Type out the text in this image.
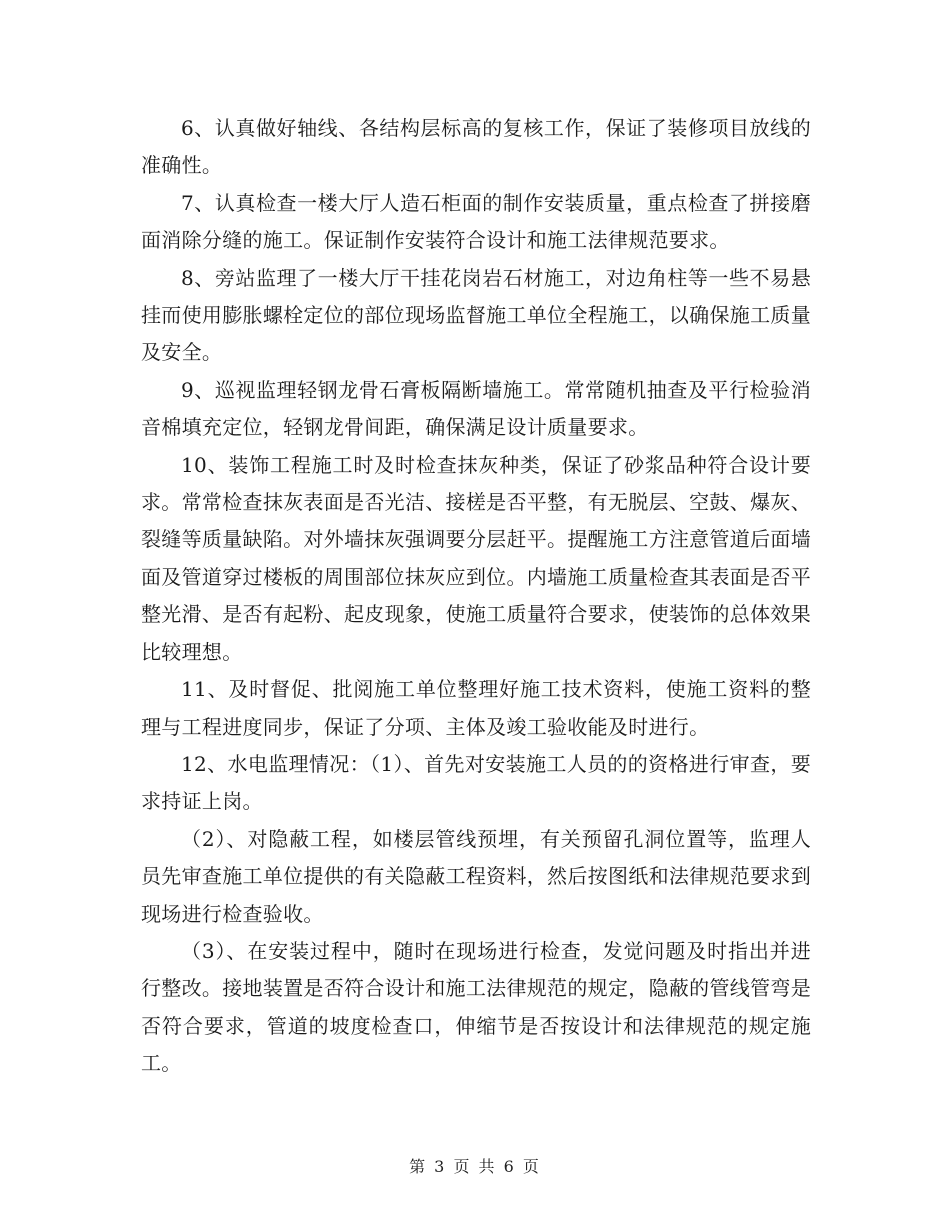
6、认真做好轴线、各结构层标高的复核工作，保证了装修项目放线的准确性。

7、认真检查一楼大厅人造石柜面的制作安装质量，重点检查了拼接磨面消除分缝的施工。保证制作安装符合设计和施工法律规范要求。

8、旁站监理了一楼大厅干挂花岗岩石材施工，对边角柱等一些不易悬挂而使用膨胀螺栓定位的部位现场监督施工单位全程施工，以确保施工质量及安全。

9、巡视监理轻钢龙骨石膏板隔断墙施工。常常随机抽查及平行检验消音棉填充定位，轻钢龙骨间距，确保满足设计质量要求。

10、装饰工程施工时及时检查抹灰种类，保证了砂浆品种符合设计要求。常常检查抹灰表面是否光洁、接槎是否平整，有无脱层、空鼓、爆灰、裂缝等质量缺陷。对外墙抹灰强调要分层赶平。提醒施工方注意管道后面墙面及管道穿过楼板的周围部位抹灰应到位。内墙施工质量检查其表面是否平整光滑、是否有起粉、起皮现象，使施工质量符合要求，使装饰的总体效果比较理想。

11、及时督促、批阅施工单位整理好施工技术资料，使施工资料的整理与工程进度同步，保证了分项、主体及竣工验收能及时进行。

12、水电监理情况：（1）、首先对安装施工人员的的资格进行审查，要求持证上岗。

（2）、对隐蔽工程，如楼层管线预埋，有关预留孔洞位置等，监理人员先审查施工单位提供的有关隐蔽工程资料，然后按图纸和法律规范要求到现场进行检查验收。

（3）、在安装过程中，随时在现场进行检查，发觉问题及时指出并进行整改。接地装置是否符合设计和施工法律规范的规定，隐蔽的管线管弯是否符合要求，管道的坡度检查口，伸缩节是否按设计和法律规范的规定施工。

第 3 页 共 6 页
